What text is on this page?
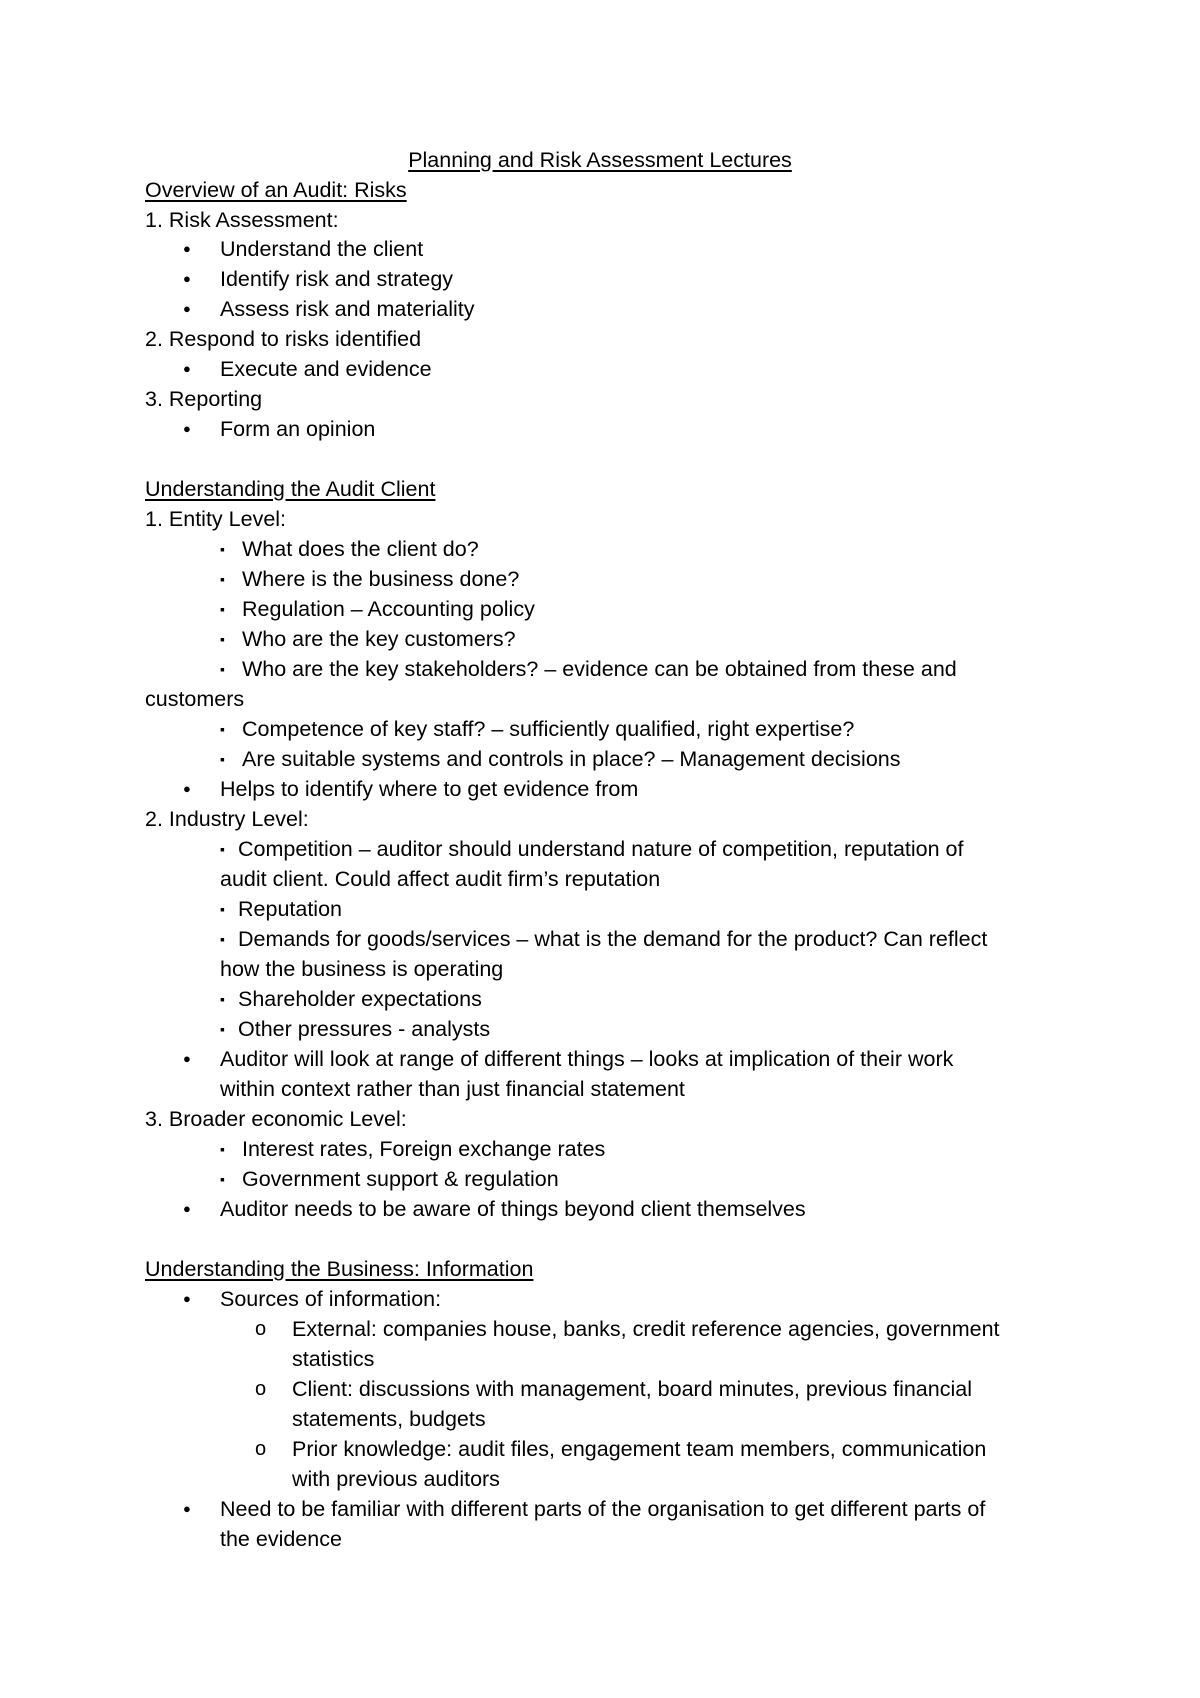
Planning and Risk Assessment Lectures
Overview of an Audit: Risks
1. Risk Assessment:
● Understand the client
● Identify risk and strategy
● Assess risk and materiality
2. Respond to risks identified
● Execute and evidence
3. Reporting
● Form an opinion
Understanding the Audit Client
1. Entity Level:
▪ What does the client do?
▪ Where is the business done?
▪ Regulation – Accounting policy
▪ Who are the key customers?
▪ Who are the key stakeholders? – evidence can be obtained from these and
customers
▪ Competence of key staff? – sufficiently qualified, right expertise?
▪ Are suitable systems and controls in place? – Management decisions
● Helps to identify where to get evidence from
2. Industry Level:
▪ Competition – auditor should understand nature of competition, reputation of
audit client. Could affect audit firm’s reputation
▪ Reputation
▪ Demands for goods/services – what is the demand for the product? Can reflect
how the business is operating
▪ Shareholder expectations
▪ Other pressures - analysts
● Auditor will look at range of different things – looks at implication of their work
within context rather than just financial statement
3. Broader economic Level:
▪ Interest rates, Foreign exchange rates
▪ Government support & regulation
● Auditor needs to be aware of things beyond client themselves
Understanding the Business: Information
● Sources of information:
o External: companies house, banks, credit reference agencies, government
statistics
o Client: discussions with management, board minutes, previous financial
statements, budgets
o Prior knowledge: audit files, engagement team members, communication
with previous auditors
● Need to be familiar with different parts of the organisation to get different parts of
the evidence
